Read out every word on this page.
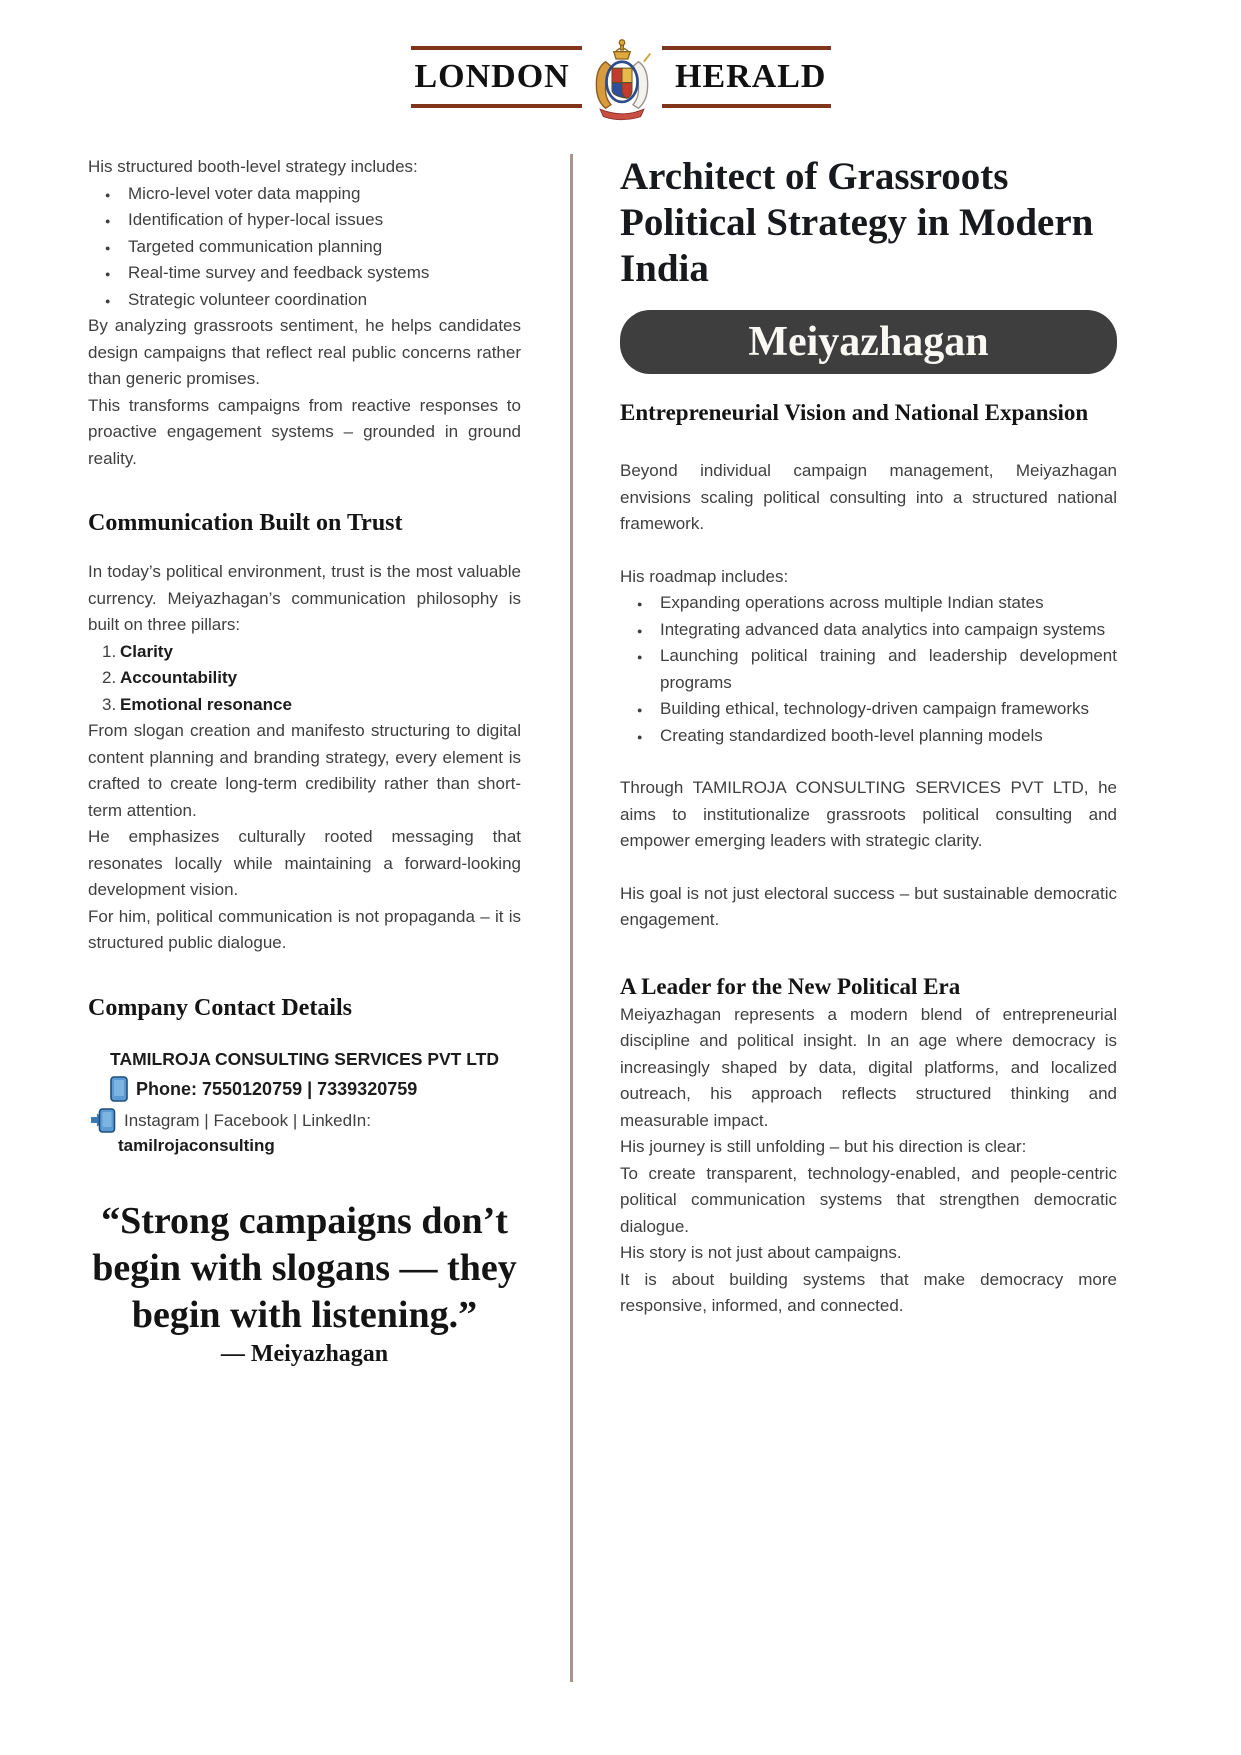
LONDON	HERALD

His structured booth-level strategy includes:

● Micro-level voter data mapping
● Identification of hyper-local issues
● Targeted communication planning
● Real-time survey and feedback systems
● Strategic volunteer coordination

By analyzing grassroots sentiment, he helps candidates design campaigns that reflect real public concerns rather than generic promises.

This transforms campaigns from reactive responses to proactive engagement systems – grounded in ground reality.

Communication Built on Trust

In today’s political environment, trust is the most valuable currency. Meiyazhagan’s communication philosophy is built on three pillars:

Clarity
Accountability
Emotional resonance

From slogan creation and manifesto structuring to digital content planning and branding strategy, every element is crafted to create long-term credibility rather than short-term attention.

He emphasizes culturally rooted messaging that resonates locally while maintaining a forward-looking development vision.

For him, political communication is not propaganda – it is structured public dialogue.

Company Contact Details
TAMILROJA CONSULTING SERVICES PVT LTD
Phone: 7550120759 | 7339320759
Instagram | Facebook | LinkedIn:
tamilrojaconsulting
“Strong campaigns don’t begin with slogans — they begin with listening.”
— Meiyazhagan
Architect of Grassroots Political Strategy in Modern India
Meiyazhagan
Entrepreneurial Vision and National Expansion

Beyond individual campaign management, Meiyazhagan envisions scaling political consulting into a structured national framework.

His roadmap includes:

● Expanding operations across multiple Indian states
● Integrating advanced data analytics into campaign systems
● Launching political training and leadership development programs
● Building ethical, technology-driven campaign frameworks
● Creating standardized booth-level planning models

Through TAMILROJA CONSULTING SERVICES PVT LTD, he aims to institutionalize grassroots political consulting and empower emerging leaders with strategic clarity.

His goal is not just electoral success – but sustainable democratic engagement.

A Leader for the New Political Era

Meiyazhagan represents a modern blend of entrepreneurial discipline and political insight. In an age where democracy is increasingly shaped by data, digital platforms, and localized outreach, his approach reflects structured thinking and measurable impact.

His journey is still unfolding – but his direction is clear:

To create transparent, technology-enabled, and people-centric political communication systems that strengthen democratic dialogue.

His story is not just about campaigns.

It is about building systems that make democracy more responsive, informed, and connected.
